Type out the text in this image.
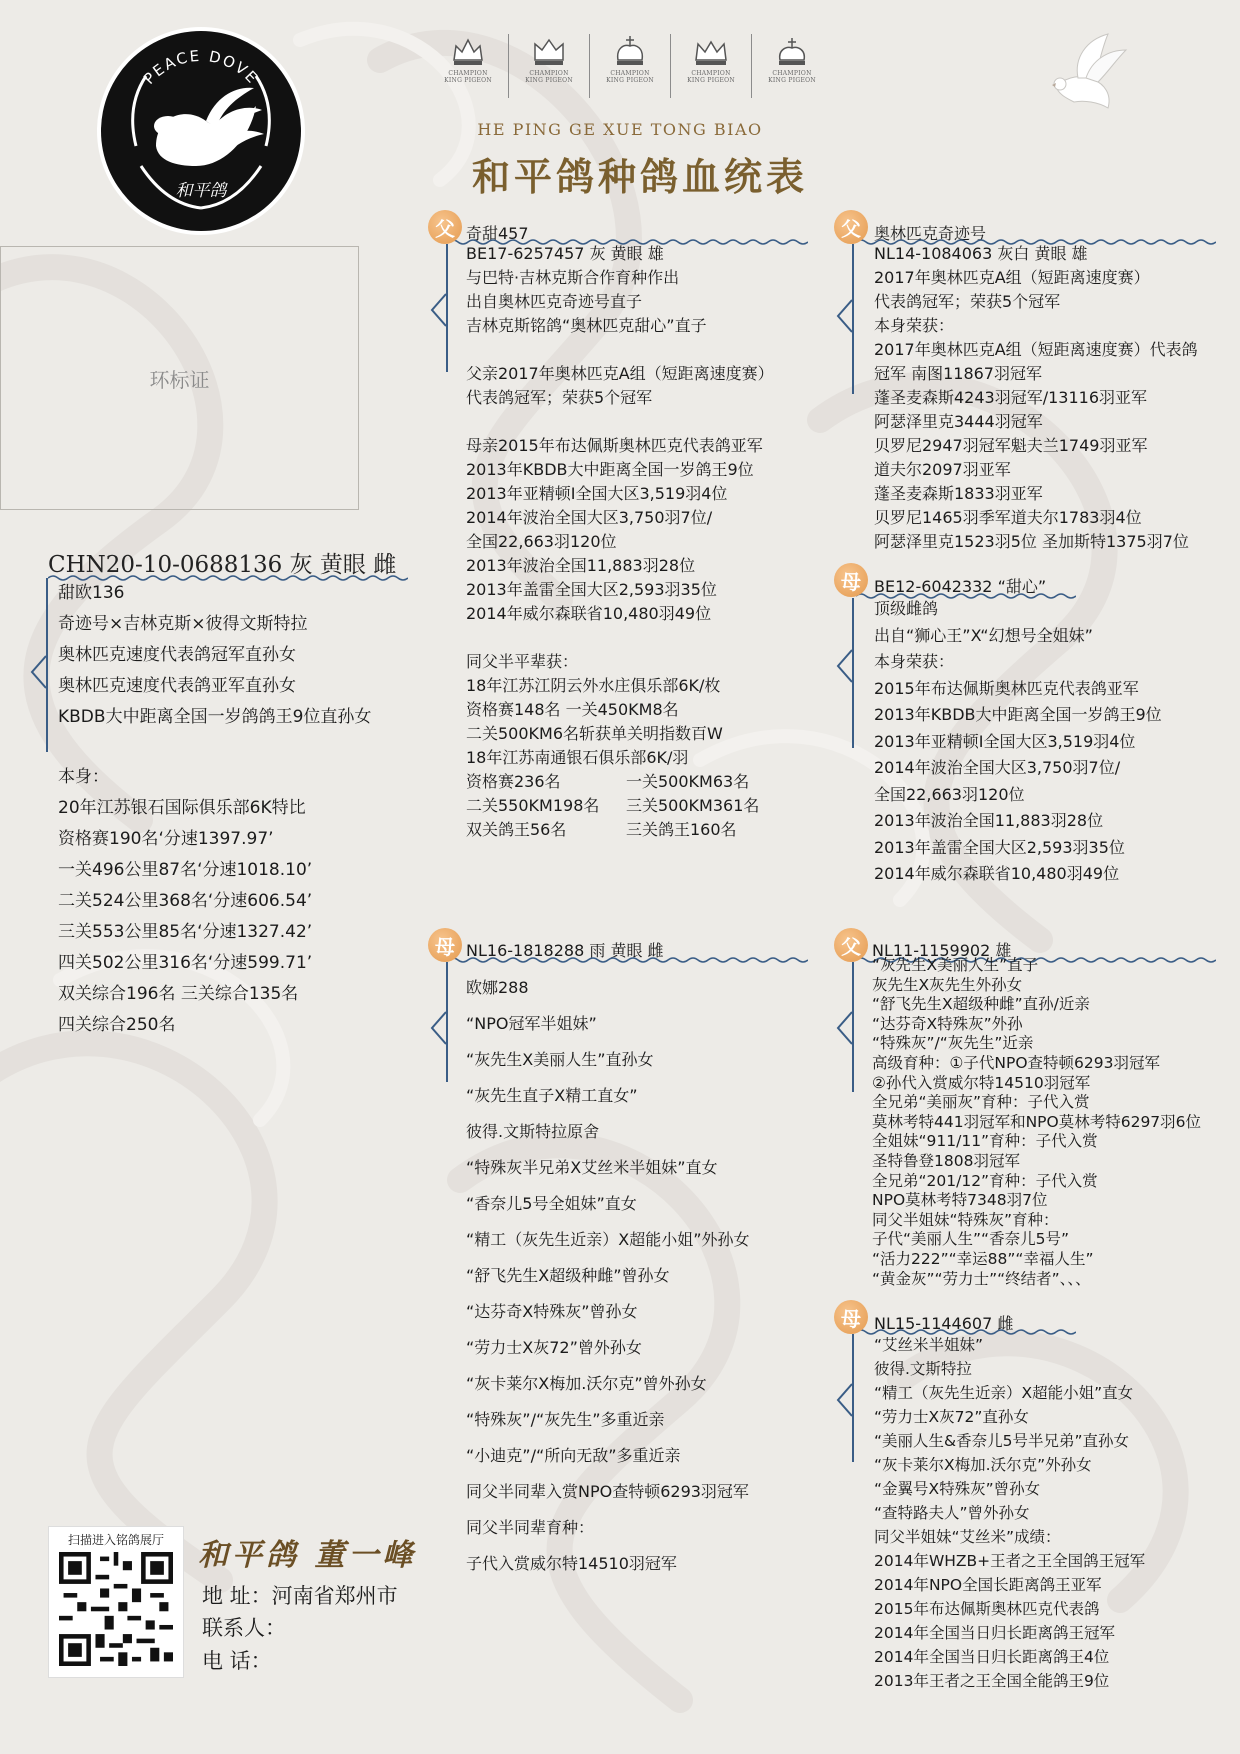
PEACE DOVE
和平鸽
CHAMPION
KING PIGEON
CHAMPION
KING PIGEON
CHAMPION
KING PIGEON
CHAMPION
KING PIGEON
CHAMPION
KING PIGEON
HE PING GE XUE TONG BIAO
和平鸽种鸽血统表
环标证
CHN20-10-0688136 灰 黄眼 雌
甜欧136
奇迹号×吉林克斯×彼得文斯特拉
奥林匹克速度代表鸽冠军直孙女
奥林匹克速度代表鸽亚军直孙女
KBDB大中距离全国一岁鸽鸽王9位直孙女
本身：
20年江苏银石国际俱乐部6K特比
资格赛190名‘分速1397.97’
一关496公里87名‘分速1018.10’
二关524公里368名‘分速606.54’
三关553公里85名‘分速1327.42’
四关502公里316名‘分速599.71’
双关综合196名 三关综合135名
四关综合250名
父 奇甜457
BE17-6257457 灰 黄眼 雄
与巴特·吉林克斯合作育种作出
出自奥林匹克奇迹号直子
吉林克斯铭鸽“奥林匹克甜心”直子
父亲2017年奥林匹克A组（短距离速度赛）
代表鸽冠军；荣获5个冠军
母亲2015年布达佩斯奥林匹克代表鸽亚军
2013年KBDB大中距离全国一岁鸽王9位
2013年亚精顿I全国大区3,519羽4位
2014年波治全国大区3,750羽7位/
全国22,663羽120位
2013年波治全国11,883羽28位
2013年盖雷全国大区2,593羽35位
2014年威尔森联省10,480羽49位
同父半平辈获：
18年江苏江阴云外水庄俱乐部6K/枚
资格赛148名 一关450KM8名
二关500KM6名斩获单关明指数百W
18年江苏南通银石俱乐部6K/羽
资格赛236名	一关500KM63名
二关550KM198名	三关500KM361名
双关鸽王56名	三关鸽王160名
母 NL16-1818288 雨 黄眼 雌
欧娜288
“NPO冠军半姐妹”
“灰先生X美丽人生”直孙女
“灰先生直子X精工直女”
彼得.文斯特拉原舍
“特殊灰半兄弟X艾丝米半姐妹”直女
“香奈儿5号全姐妹”直女
“精工（灰先生近亲）X超能小姐”外孙女
“舒飞先生X超级种雌”曾孙女
“达芬奇X特殊灰”曾孙女
“劳力士X灰72”曾外孙女
“灰卡莱尔X梅加.沃尔克”曾外孙女
“特殊灰”/“灰先生”多重近亲
“小迪克”/“所向无敌”多重近亲
同父半同辈入赏NPO查特顿6293羽冠军
同父半同辈育种：
子代入赏威尔特14510羽冠军
父 奥林匹克奇迹号
NL14-1084063 灰白 黄眼 雄
2017年奥林匹克A组（短距离速度赛）
代表鸽冠军；荣获5个冠军
本身荣获：
2017年奥林匹克A组（短距离速度赛）代表鸽
冠军 南图11867羽冠军
蓬圣麦森斯4243羽冠军/13116羽亚军
阿瑟泽里克3444羽冠军
贝罗尼2947羽冠军魁夫兰1749羽亚军
道夫尔2097羽亚军
蓬圣麦森斯1833羽亚军
贝罗尼1465羽季军道夫尔1783羽4位
阿瑟泽里克1523羽5位 圣加斯特1375羽7位
母 BE12-6042332 “甜心”
顶级雌鸽
出自“狮心王”X“幻想号全姐妹”
本身荣获：
2015年布达佩斯奥林匹克代表鸽亚军
2013年KBDB大中距离全国一岁鸽王9位
2013年亚精顿I全国大区3,519羽4位
2014年波治全国大区3,750羽7位/
全国22,663羽120位
2013年波治全国11,883羽28位
2013年盖雷全国大区2,593羽35位
2014年威尔森联省10,480羽49位
父 NL11-1159902 雄
“灰先生X美丽人生”直子
灰先生X灰先生外孙女
“舒飞先生X超级种雌”直孙/近亲
“达芬奇X特殊灰”外孙
“特殊灰”/“灰先生”近亲
高级育种：①子代NPO查特顿6293羽冠军
②孙代入赏威尔特14510羽冠军
全兄弟“美丽灰”育种：子代入赏
莫林考特441羽冠军和NPO莫林考特6297羽6位
全姐妹“911/11”育种：子代入赏
圣特鲁登1808羽冠军
全兄弟“201/12”育种：子代入赏
NPO莫林考特7348羽7位
同父半姐妹“特殊灰”育种：
子代“美丽人生”“香奈儿5号”
“活力222”“幸运88”“幸福人生”
“黄金灰”“劳力士”“终结者”、、、
母 NL15-1144607 雌
“艾丝米半姐妹”
彼得.文斯特拉
“精工（灰先生近亲）X超能小姐”直女
“劳力士X灰72”直孙女
“美丽人生&香奈儿5号半兄弟”直孙女
“灰卡莱尔X梅加.沃尔克”外孙女
“金翼号X特殊灰”曾孙女
“查特路夫人”曾外孙女
同父半姐妹“艾丝米”成绩：
2014年WHZB+王者之王全国鸽王冠军
2014年NPO全国长距离鸽王亚军
2015年布达佩斯奥林匹克代表鸽
2014年全国当日归长距离鸽王冠军
2014年全国当日归长距离鸽王4位
2013年王者之王全国全能鸽王9位
扫描进入铭鸽展厅	和平鸽 董一峰
地 址：河南省郑州市
联系人：
电 话：
